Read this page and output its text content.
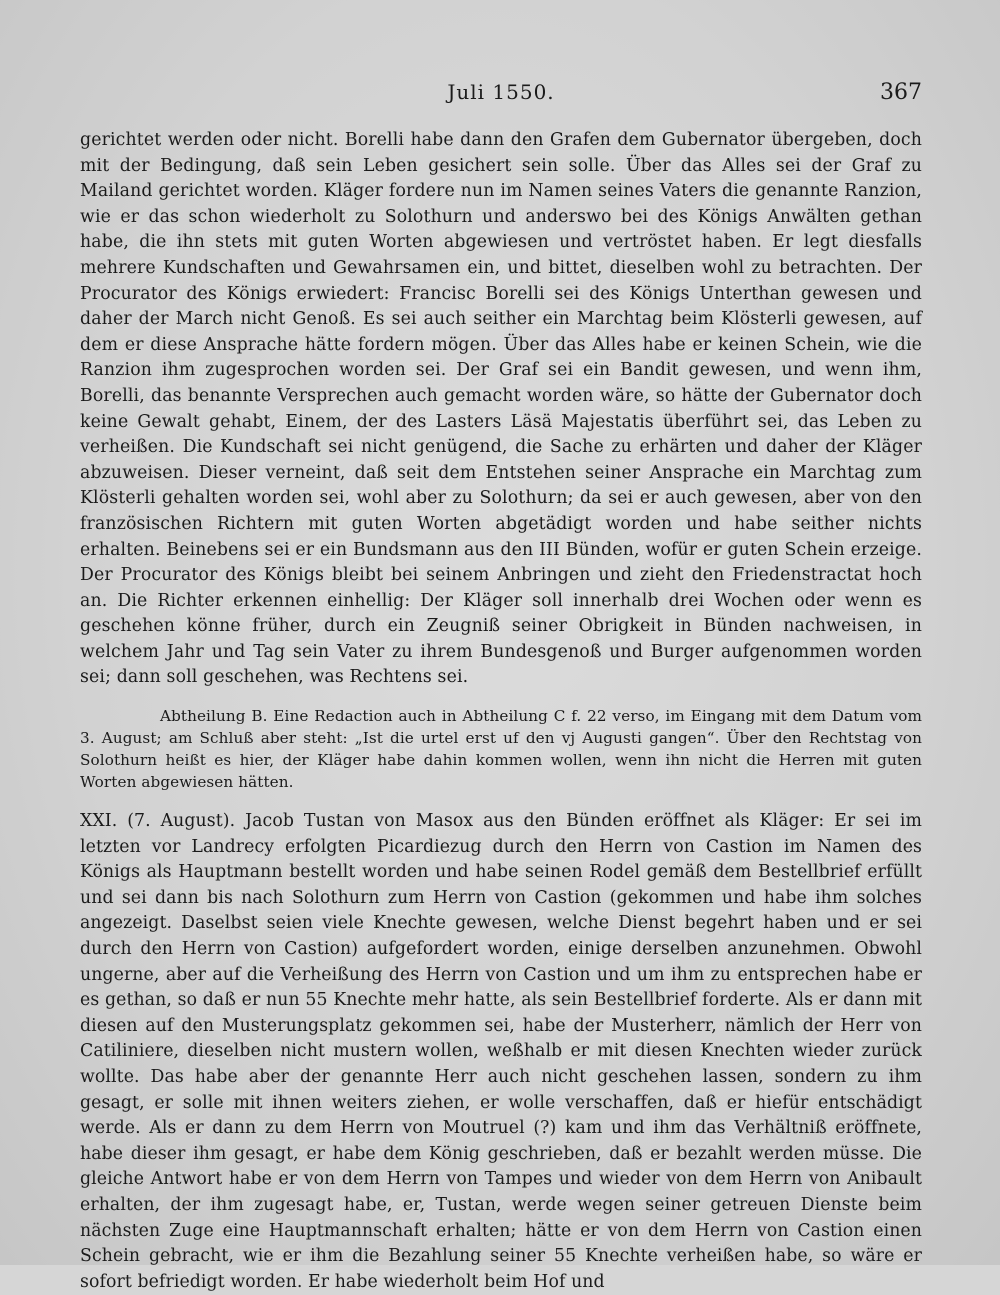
Juli 1550.	367

gerichtet werden oder nicht. Borelli habe dann den Grafen dem Gubernator übergeben, doch mit der Bedingung, daß sein Leben gesichert sein solle. Über das Alles sei der Graf zu Mailand gerichtet worden. Kläger fordere nun im Namen seines Vaters die genannte Ranzion, wie er das schon wiederholt zu Solothurn und anderswo bei des Königs Anwälten gethan habe, die ihn stets mit guten Worten abgewiesen und vertröstet haben. Er legt diesfalls mehrere Kundschaften und Gewahrsamen ein, und bittet, dieselben wohl zu betrachten. Der Procurator des Königs erwiedert: Francisc Borelli sei des Königs Unterthan gewesen und daher der March nicht Genoß. Es sei auch seither ein Marchtag beim Klösterli gewesen, auf dem er diese Ansprache hätte fordern mögen. Über das Alles habe er keinen Schein, wie die Ranzion ihm zugesprochen worden sei. Der Graf sei ein Bandit gewesen, und wenn ihm, Borelli, das benannte Versprechen auch gemacht worden wäre, so hätte der Gubernator doch keine Gewalt gehabt, Einem, der des Lasters Läsä Majestatis überführt sei, das Leben zu verheißen. Die Kundschaft sei nicht genügend, die Sache zu erhärten und daher der Kläger abzuweisen. Dieser verneint, daß seit dem Entstehen seiner Ansprache ein Marchtag zum Klösterli gehalten worden sei, wohl aber zu Solothurn; da sei er auch gewesen, aber von den französischen Richtern mit guten Worten abgetädigt worden und habe seither nichts erhalten. Beinebens sei er ein Bundsmann aus den III Bünden, wofür er guten Schein erzeige. Der Procurator des Königs bleibt bei seinem Anbringen und zieht den Friedenstractat hoch an. Die Richter erkennen einhellig: Der Kläger soll innerhalb drei Wochen oder wenn es geschehen könne früher, durch ein Zeugniß seiner Obrigkeit in Bünden nachweisen, in welchem Jahr und Tag sein Vater zu ihrem Bundesgenoß und Burger aufgenommen worden sei; dann soll geschehen, was Rechtens sei.

Abtheilung B. Eine Redaction auch in Abtheilung C f. 22 verso, im Eingang mit dem Datum vom 3. August; am Schluß aber steht: „Ist die urtel erst uf den vj Augusti gangen“. Über den Rechtstag von Solothurn heißt es hier, der Kläger habe dahin kommen wollen, wenn ihn nicht die Herren mit guten Worten abgewiesen hätten.

XXI. (7. August). Jacob Tustan von Masox aus den Bünden eröffnet als Kläger: Er sei im letzten vor Landrecy erfolgten Picardiezug durch den Herrn von Castion im Namen des Königs als Hauptmann bestellt worden und habe seinen Rodel gemäß dem Bestellbrief erfüllt und sei dann bis nach Solothurn zum Herrn von Castion (gekommen und habe ihm solches angezeigt. Daselbst seien viele Knechte gewesen, welche Dienst begehrt haben und er sei durch den Herrn von Castion) aufgefordert worden, einige derselben anzunehmen. Obwohl ungerne, aber auf die Verheißung des Herrn von Castion und um ihm zu entsprechen habe er es gethan, so daß er nun 55 Knechte mehr hatte, als sein Bestellbrief forderte. Als er dann mit diesen auf den Musterungsplatz gekommen sei, habe der Musterherr, nämlich der Herr von Catiliniere, dieselben nicht mustern wollen, weßhalb er mit diesen Knechten wieder zurück wollte. Das habe aber der genannte Herr auch nicht geschehen lassen, sondern zu ihm gesagt, er solle mit ihnen weiters ziehen, er wolle verschaffen, daß er hiefür entschädigt werde. Als er dann zu dem Herrn von Moutruel (?) kam und ihm das Verhältniß eröffnete, habe dieser ihm gesagt, er habe dem König geschrieben, daß er bezahlt werden müsse. Die gleiche Antwort habe er von dem Herrn von Tampes und wieder von dem Herrn von Anibault erhalten, der ihm zugesagt habe, er, Tustan, werde wegen seiner getreuen Dienste beim nächsten Zuge eine Hauptmannschaft erhalten; hätte er von dem Herrn von Castion einen Schein gebracht, wie er ihm die Bezahlung seiner 55 Knechte verheißen habe, so wäre er sofort befriedigt worden. Er habe wiederholt beim Hof und
